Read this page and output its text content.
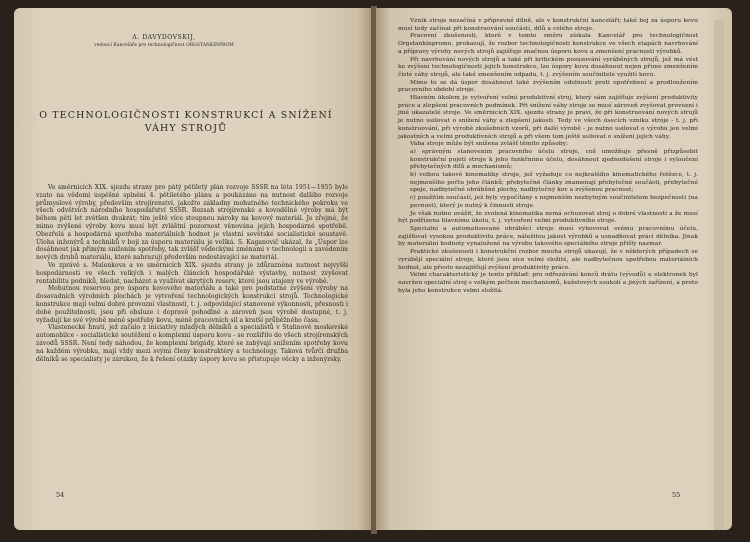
A. DAVYDOVSKIJ,
vedoucí Kanceláře pro technologičnost ORGSTANKINPROM
O TECHNOLOGIČNOSTI KONSTRUKCÍ A SNÍŽENÍ
VÁHY STROJŮ

Ve směrnicích XIX. sjezdu strany pro pátý pětiletý plán rozvoje SSSR na léta 1951—1955 bylo vzato na vědomí úspěšné splnění 4. pětiletého plánu a poukázáno na nutnost dalšího rozvoje průmyslové výroby, především strojírenství, jakožto základny mohutného technického pokroku ve všech odvětvích národního hospodářství SSSR. Rozsah strojírenské a kovodělné výroby má být během pěti let zvětšen dvakrát; tím ještě více stoupnou nároky na kovový materiál. Je zřejmé, že mimo zvýšené výroby kovu musí být zvláštní pozornost věnována jejich hospodárné spotřebě. Obezřelá a hospodárná spotřeba materiálních hodnot je vlastní sovětské socialistické soustavě. Úloha inženýrů a techniků v boji za úsporu materiálu je veliká. S. Kaganovič ukázal, že „Úspor lze dosáhnout jak přímým snížením spotřeby, tak zvlášť vědeckými změnami v technologii a zavedením nových druhů materiálu, které nahrazují především nedostávající se materiál.

Ve zprávě s. Malenkova a ve směrnicích XIX. sjezdu strany je zdůrazněna nutnost nejvyšší hospodárnosti ve všech velkých i malých článcích hospodářské výstavby, nutnost zvyšovat rentabilitu podniků, hledat, nacházet a využívat skrytých reserv, které jsou utajeny ve výrobě.

Mohutnou reservou pro úsporu kovového materiálu a také pro podstatné zvýšení výroby na dosavadních výrobních plochách je vytvoření technologických konstrukcí strojů. Technologické konstrukce mají velmi dobré provozní vlastnosti, t. j. odpovídající stanovené výkonnosti, přesnosti i dobé použitelnosti, jsou při obsluze i dopravě pohodlné a zároveň jsou výrobě dostupné, t. j. vyžadují ke své výrobě méně spotřeby kovu, méně pracovních sil a kratší průběžného času.

Vlastenecké hnutí, jež začalo z iniciativy mladých dělníků a specialistů v Stalinově moskevské automobilce - socialistické soutěžení o komplexní úsporu kovu - se rozšířilo do všech strojírenských závodů SSSR. Není tedy náhodou, že komplexní brigády, které se zabývají snížením spotřeby kovu na každém výrobku, mají vždy mezi svými členy konstruktéry a technology. Taková tvůrčí družba dělníků se specialisty je zárukou, že k řešení otázky úspory kovu se přistupuje věcky a inženýrsky.

54

Vznik stroje nezačíná v přípravné dílně, ale v konstrukční kanceláři; také boj za úsporu kovu musí tedy začínat při konstruování součástí, dílů a celého stroje.

Pracovní zkušenosti, které v tomto směru získala Kancelář pro technologičnost Orgstankinpromu, prokazují, že rozbor technologičnosti konstrukce ve všech etapách navrhování a přípravy výroby nových strojů zajišťuje značnou úsporu kovu a zmenšení pracnosti výrobků.

Při navrhování nových strojů a také při kritickém posuzování vyráběných strojů, jež má vést ke zvýšení technologičnosti jejich konstrukce, lze úspory kovu dosáhnout nejen přímo zmenšením čisté váhy strojů, ale také zmenšením odpadu, t. j. zvýšením součinitele využití kovu.

Mimo to se dá úspor dosáhnout také zvýšením odolnosti proti opotřebení a prodloužením pracovního období stroje.

Hlavním úkolem je vytvoření velmi produktivní stroj, který sám zajišťuje zvýšení produktivity práce a zlepšení pracovních podmínek. Při snížení váhy stroje se musí zároveň zvyšovat provozní i jiné ukazatelé stroje. Ve směrnicích XIX. sjezdu strany je pravi, že při konstruování nových strojů je nutno usilovat o snížení váhy a zlepšení jakosti. Tedy ve všech úsecích vzniku stroje - t. j. při konstruování, při výrobě zkušebních vzorů, při další výrobě - je nutno usilovat o výrobu jen velmi jakostních a velmi produktivních strojů a při všem tom ještě usilovat o snížení jejich váhy.

Váha stroje může být snížena zvlášť těmito způsoby:

a) správným stanovením pracovního účelu stroje, což umožňuje přesně přizpůsobit konstrukční pojetí stroje k jeho funkčnímu účelu, dosáhnout zjednodušení stroje i vyloučení přebytečných dílů a mechanismů;

b) volbou takové kinematiky stroje, jež vyžaduje co nejkratšího kinematického řetězce, t. j. nejmenšího počtu jeho článků; přebytečné články znamenají přebytečné součásti, přebytečné spoje, nadbytečné obráběné plochy, nadbytečný kov a zvýšenou pracnost;

c) použitím součástí, jež byly vypočítány s nejmenším nezbytným součinitelem bezpečnosti (na pevnost), který je nutný k činnosti stroje.

Je však nutno uvážit, že zvolená kinematika nemá ochuzovat stroj o dobré vlastnosti a že musí být podřízena hlavnímu úkolu, t. j. vytvoření velmi produktivního stroje.

Specialní a automatisované obráběcí stroje musí vyhovovat svému pracovnímu účelu, zajišťovat vysokou produktivitu práce, náležitou jakost výrobků a usnadňovat práci dělníka. Jinak by materiální hodnoty vynaložené na výrobu takového speciálního stroje přišly nazmar.

Praktické zkušenosti i konstrukční rozbor mnoha strojů ukazují, že v některých případech se vyrábějí speciální stroje, které jsou sice velmi složité, ale nadbytečnou spotřebou materiálních hodnot, ale přesto nezajišťují zvýšení produktivity práce.

Velmi charakteristický je tento příklad: pro odřezávání konců drátu (vývodů) u elektronek byl navržen speciální stroj s velkým počtem mechanismů, kuželových soukolí a jiných zařízení, a proto byla jeho konstrukce velmi složitá.

55
